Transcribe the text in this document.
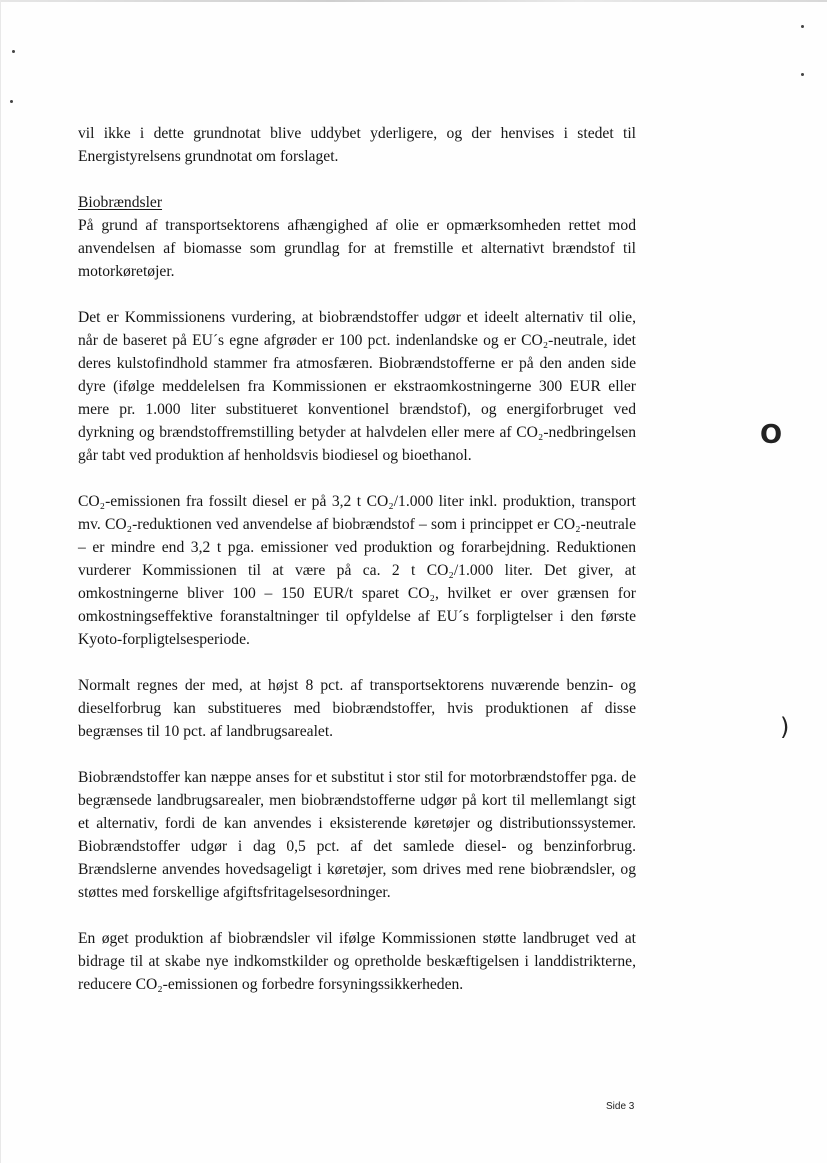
O
)

vil ikke i dette grundnotat blive uddybet yderligere, og der henvises i stedet til Energistyrelsens grundnotat om forslaget.

Biobrændsler

På grund af transportsektorens afhængighed af olie er opmærksomheden rettet mod anvendelsen af biomasse som grundlag for at fremstille et alternativt brændstof til motorkøretøjer.

Det er Kommissionens vurdering, at biobrændstoffer udgør et ideelt alternativ til olie, når de baseret på EU´s egne afgrøder er 100 pct. indenlandske og er CO₂-neutrale, idet deres kulstofindhold stammer fra atmosfæren. Biobrændstofferne er på den anden side dyre (ifølge meddelelsen fra Kommissionen er ekstraomkostningerne 300 EUR eller mere pr. 1.000 liter substitueret konventionel brændstof), og energiforbruget ved dyrkning og brændstoffremstilling betyder at halvdelen eller mere af CO₂-nedbringelsen går tabt ved produktion af henholdsvis biodiesel og bioethanol.

CO₂-emissionen fra fossilt diesel er på 3,2 t CO₂/1.000 liter inkl. produktion, transport mv. CO₂-reduktionen ved anvendelse af biobrændstof – som i princippet er CO₂-neutrale – er mindre end 3,2 t pga. emissioner ved produktion og forarbejdning. Reduktionen vurderer Kommissionen til at være på ca. 2 t CO₂/1.000 liter. Det giver, at omkostningerne bliver 100 – 150 EUR/t sparet CO₂, hvilket er over grænsen for omkostningseffektive foranstaltninger til opfyldelse af EU´s forpligtelser i den første Kyoto-forpligtelsesperiode.

Normalt regnes der med, at højst 8 pct. af transportsektorens nuværende benzin- og dieselforbrug kan substitueres med biobrændstoffer, hvis produktionen af disse begrænses til 10 pct. af landbrugsarealet.

Biobrændstoffer kan næppe anses for et substitut i stor stil for motorbrændstoffer pga. de begrænsede landbrugsarealer, men biobrændstofferne udgør på kort til mellemlangt sigt et alternativ, fordi de kan anvendes i eksisterende køretøjer og distributionssystemer. Biobrændstoffer udgør i dag 0,5 pct. af det samlede diesel- og benzinforbrug. Brændslerne anvendes hovedsageligt i køretøjer, som drives med rene biobrændsler, og støttes med forskellige afgiftsfritagelsesordninger.

En øget produktion af biobrændsler vil ifølge Kommissionen støtte landbruget ved at bidrage til at skabe nye indkomstkilder og opretholde beskæftigelsen i landdistrikterne, reducere CO₂-emissionen og forbedre forsyningssikkerheden.

Side 3
